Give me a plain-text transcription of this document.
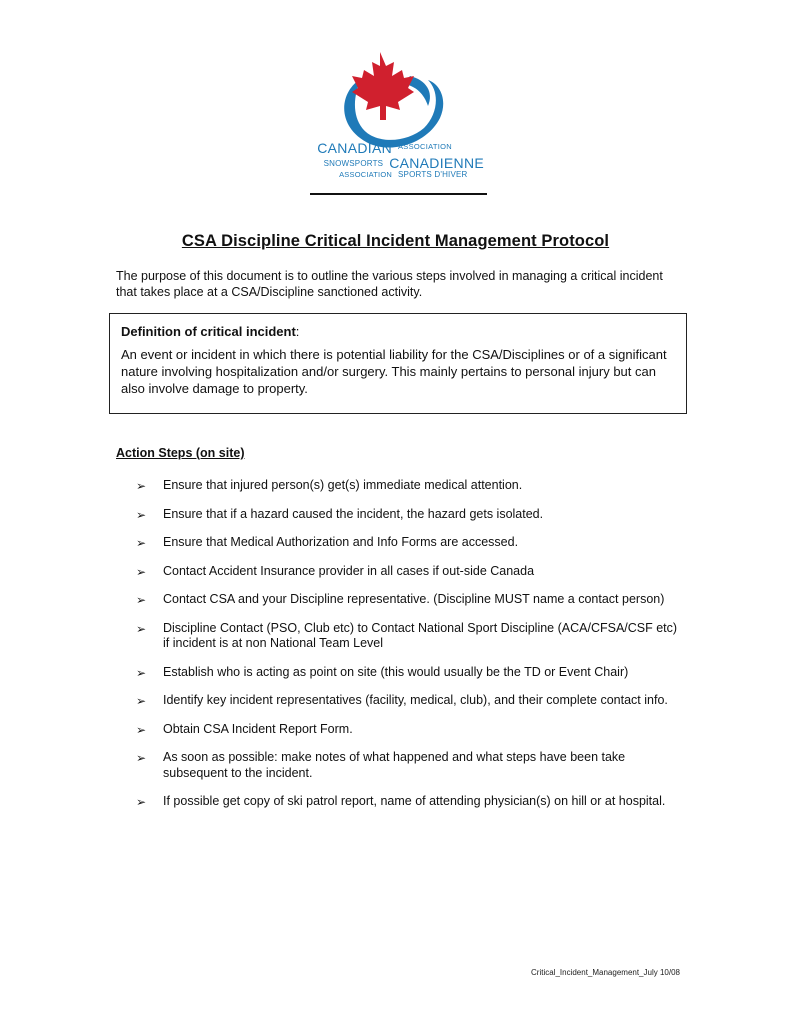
CANADIAN ASSOCIATION
SNOWSPORTS CANADIENNE
ASSOCIATION SPORTS D'HIVER
CSA Discipline Critical Incident Management Protocol
The purpose of this document is to outline the various steps involved in managing a critical incident that takes place at a CSA/Discipline sanctioned activity.
Definition of critical incident:
An event or incident in which there is potential liability for the CSA/Disciplines or of a significant nature involving hospitalization and/or surgery. This mainly pertains to personal injury but can also involve damage to property.
Action Steps (on site)
➢ Ensure that injured person(s) get(s) immediate medical attention.
➢ Ensure that if a hazard caused the incident, the hazard gets isolated.
➢ Ensure that Medical Authorization and Info Forms are accessed.
➢ Contact Accident Insurance provider in all cases if out-side Canada
➢ Contact CSA and your Discipline representative. (Discipline MUST name a contact person)
➢ Discipline Contact (PSO, Club etc) to Contact National Sport Discipline (ACA/CFSA/CSF etc) if incident is at non National Team Level
➢ Establish who is acting as point on site (this would usually be the TD or Event Chair)
➢ Identify key incident representatives (facility, medical, club), and their complete contact info.
➢ Obtain CSA Incident Report Form.
➢ As soon as possible: make notes of what happened and what steps have been take subsequent to the incident.
➢ If possible get copy of ski patrol report, name of attending physician(s) on hill or at hospital.
Critical_Incident_Management_July 10/08
